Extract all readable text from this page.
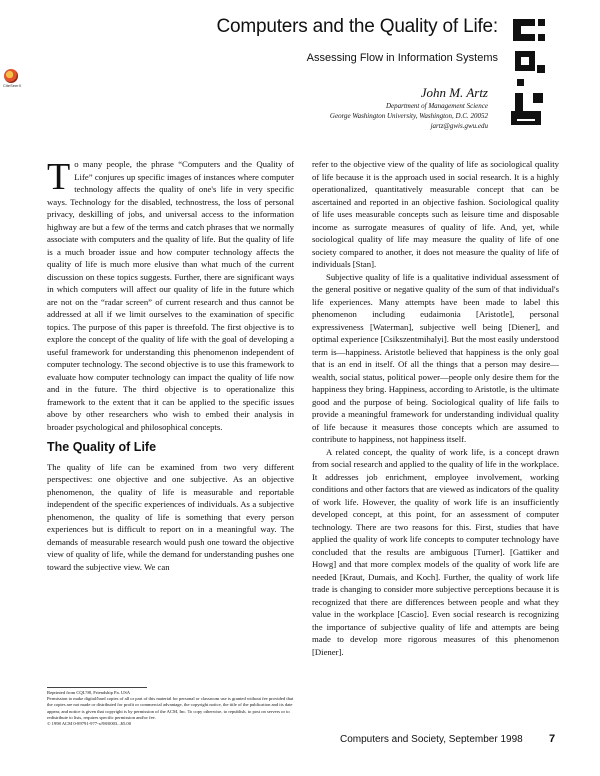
CiteSeerX
Computers and the Quality of Life:
Assessing Flow in Information Systems
John M. Artz
Department of Management Science
George Washington University, Washington, D.C. 20052
jartz@gwis.gwu.edu

To many people, the phrase “Computers and the Quality of Life” conjures up specific images of instances where computer technology affects the quality of one's life in very specific ways. Technology for the disabled, technostress, the loss of personal privacy, deskilling of jobs, and universal access to the information highway are but a few of the terms and catch phrases that we normally associate with computers and the quality of life. But the quality of life is a much broader issue and how computer technology affects the quality of life is much more elusive than what much of the current discussion on these topics suggests. Further, there are significant ways in which computers will affect our quality of life in the future which are not on the “radar screen” of current research and thus cannot be addressed at all if we limit ourselves to the examination of specific topics. The purpose of this paper is threefold. The first objective is to explore the concept of the quality of life with the goal of developing a useful framework for understanding this phenomenon independent of computer technology. The second objective is to use this framework to evaluate how computer technology can impact the quality of life now and in the future. The third objective is to operationalize this framework to the extent that it can be applied to the specific issues above by other researchers who wish to embed their analysis in broader psychological and philosophical concepts.

The Quality of Life

The quality of life can be examined from two very different perspectives: one objective and one subjective. As an objective phenomenon, the quality of life is measurable and reportable independent of the specific experiences of individuals. As a subjective phenomenon, the quality of life is something that every person experiences but is difficult to report on in a meaningful way. The demands of measurable research would push one toward the objective view of quality of life, while the demand for understanding pushes one toward the subjective view. We can

refer to the objective view of the quality of life as sociological quality of life because it is the approach used in social research. It is a highly operationalized, quantitatively measurable concept that can be ascertained and reported in an objective fashion. Sociological quality of life uses measurable concepts such as leisure time and disposable income as surrogate measures of quality of life. And, yet, while sociological quality of life may measure the quality of life of one society compared to another, it does not measure the quality of life of individuals [Stan].

Subjective quality of life is a qualitative individual assessment of the general positive or negative quality of the sum of that individual's life experiences. Many attempts have been made to label this phenomenon including eudaimonia [Aristotle], personal expressiveness [Waterman], subjective well being [Diener], and optimal experience [Csikszentmihalyi]. But the most easily understood term is—happiness. Aristotle believed that happiness is the only goal that is an end in itself. Of all the things that a person may desire—wealth, social status, political power—people only desire them for the happiness they bring. Happiness, according to Aristotle, is the ultimate good and the purpose of being. Sociological quality of life fails to provide a meaningful framework for understanding individual quality of life because it measures those concepts which are assumed to contribute to happiness, not happiness itself.

A related concept, the quality of work life, is a concept drawn from social research and applied to the quality of life in the workplace. It addresses job enrichment, employee involvement, working conditions and other factors that are viewed as indicators of the quality of work life. However, the quality of work life is an insufficiently developed concept, at this point, for an assessment of computer technology. There are two reasons for this. First, studies that have applied the quality of work life concepts to computer technology have concluded that the results are ambiguous [Turner]. [Gattiker and Howg] and that more complex models of the quality of work life are needed [Kraut, Dumais, and Koch]. Further, the quality of work life trade is changing to consider more subjective perceptions because it is recognized that there are differences between people and what they value in the workplace [Cascio]. Even social research is recognizing the importance of subjective quality of life and attempts are being made to develop more rigorous measures of this phenomenon [Diener].

Reprinted from CQL'98, Friendship Pa. USA

Permission to make digital/hard copies of all or part of this material for personal or classroom use is granted without fee provided that the copies are not made or distributed for profit or commercial advantage, the copyright notice, the title of the publication and its date appear, and notice is given that copyright is by permission of the ACM, Inc. To copy otherwise, to republish, to post on servers or to redistribute to lists, requires specific permission and/or fee.

© 1998 ACM 0-89791-977-x/98/0003...$5.00

Computers and Society, September 1998	7
